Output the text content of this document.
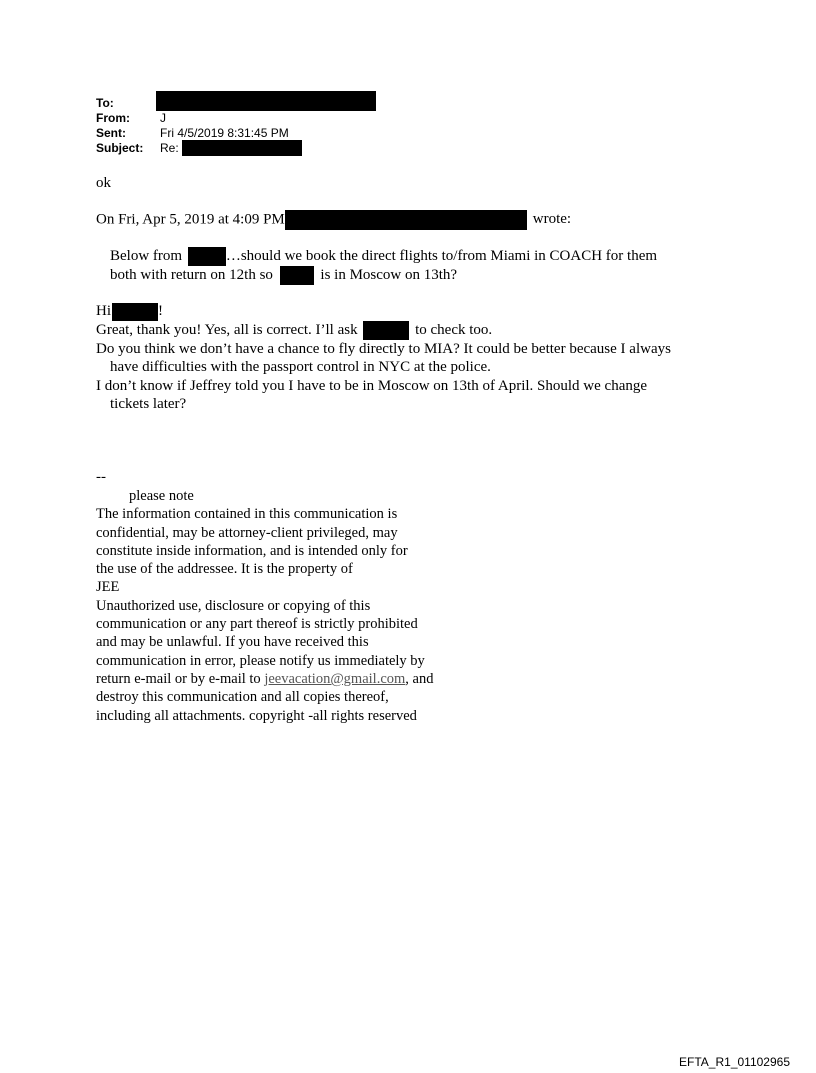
To:
From:	J
Sent:	Fri 4/5/2019 8:31:45 PM
Subject: Re:
ok
On Fri, Apr 5, 2019 at 4:09 PM	wrote:
Below from	…should we book the direct flights to/from Miami in COACH for them
both with return on 12th so	is in Moscow on 13th?
Hi	!
Great, thank you! Yes, all is correct. I’ll ask	to check too.
Do you think we don’t have a chance to fly directly to MIA? It could be better because I always
have difficulties with the passport control in NYC at the police.
I don’t know if Jeffrey told you I have to be in Moscow on 13th of April. Should we change
tickets later?
--
please note
The information contained in this communication is
confidential, may be attorney-client privileged, may
constitute inside information, and is intended only for
the use of the addressee. It is the property of
JEE
Unauthorized use, disclosure or copying of this
communication or any part thereof is strictly prohibited
and may be unlawful. If you have received this
communication in error, please notify us immediately by
return e-mail or by e-mail to jeevacation@gmail.com, and
destroy this communication and all copies thereof,
including all attachments. copyright -all rights reserved
EFTA_R1_01102965
